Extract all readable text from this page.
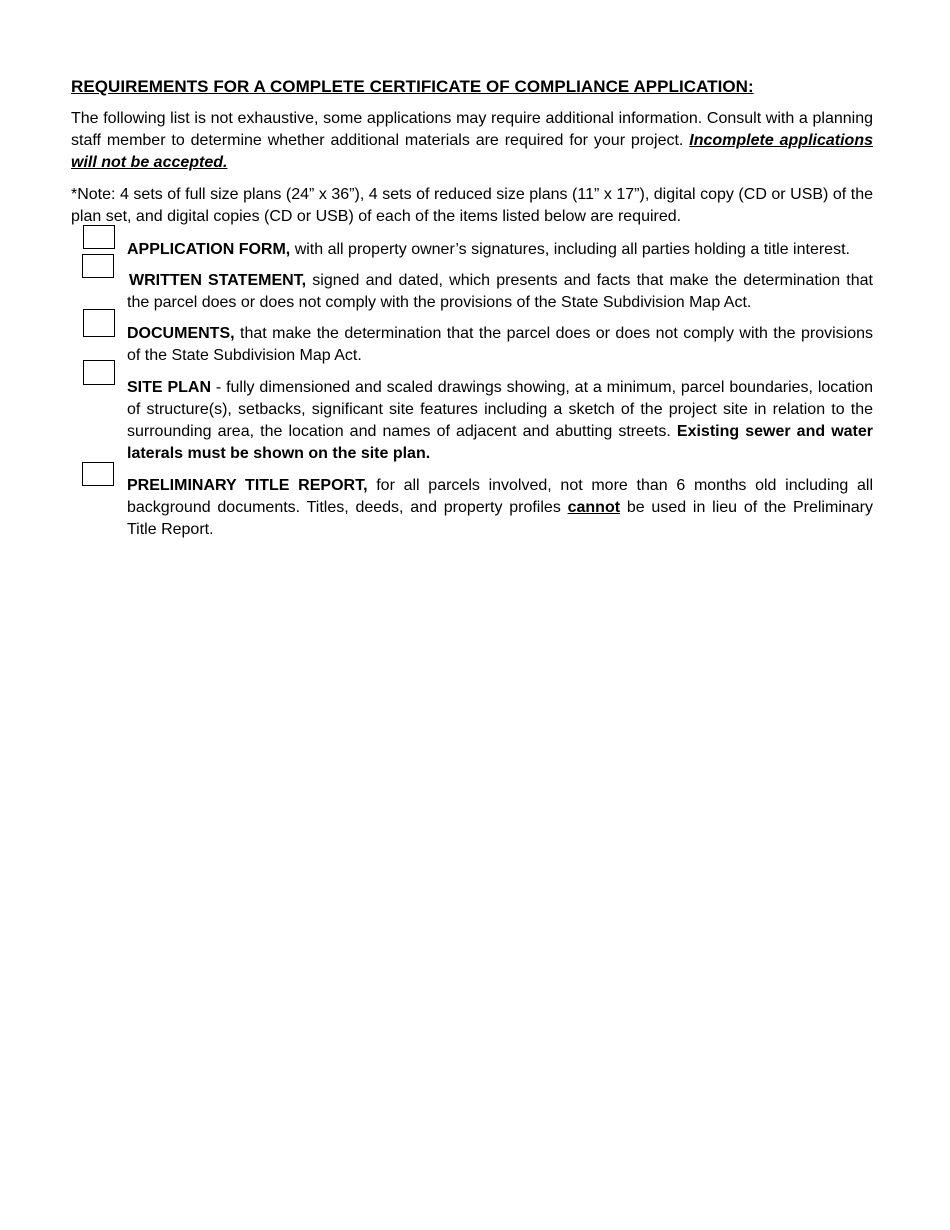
REQUIREMENTS FOR A COMPLETE CERTIFICATE OF COMPLIANCE APPLICATION:

The following list is not exhaustive, some applications may require additional information. Consult with a planning staff member to determine whether additional materials are required for your project. Incomplete applications will not be accepted.

*Note: 4 sets of full size plans (24” x 36”), 4 sets of reduced size plans (11” x 17”), digital copy (CD or USB) of the plan set, and digital copies (CD or USB) of each of the items listed below are required.

APPLICATION FORM, with all property owner’s signatures, including all parties holding a title interest.
WRITTEN STATEMENT, signed and dated, which presents and facts that make the determination that the parcel does or does not comply with the provisions of the State Subdivision Map Act.
DOCUMENTS, that make the determination that the parcel does or does not comply with the provisions of the State Subdivision Map Act.
SITE PLAN - fully dimensioned and scaled drawings showing, at a minimum, parcel boundaries, location of structure(s), setbacks, significant site features including a sketch of the project site in relation to the surrounding area, the location and names of adjacent and abutting streets. Existing sewer and water laterals must be shown on the site plan.
PRELIMINARY TITLE REPORT, for all parcels involved, not more than 6 months old including all background documents. Titles, deeds, and property profiles cannot be used in lieu of the Preliminary Title Report.
